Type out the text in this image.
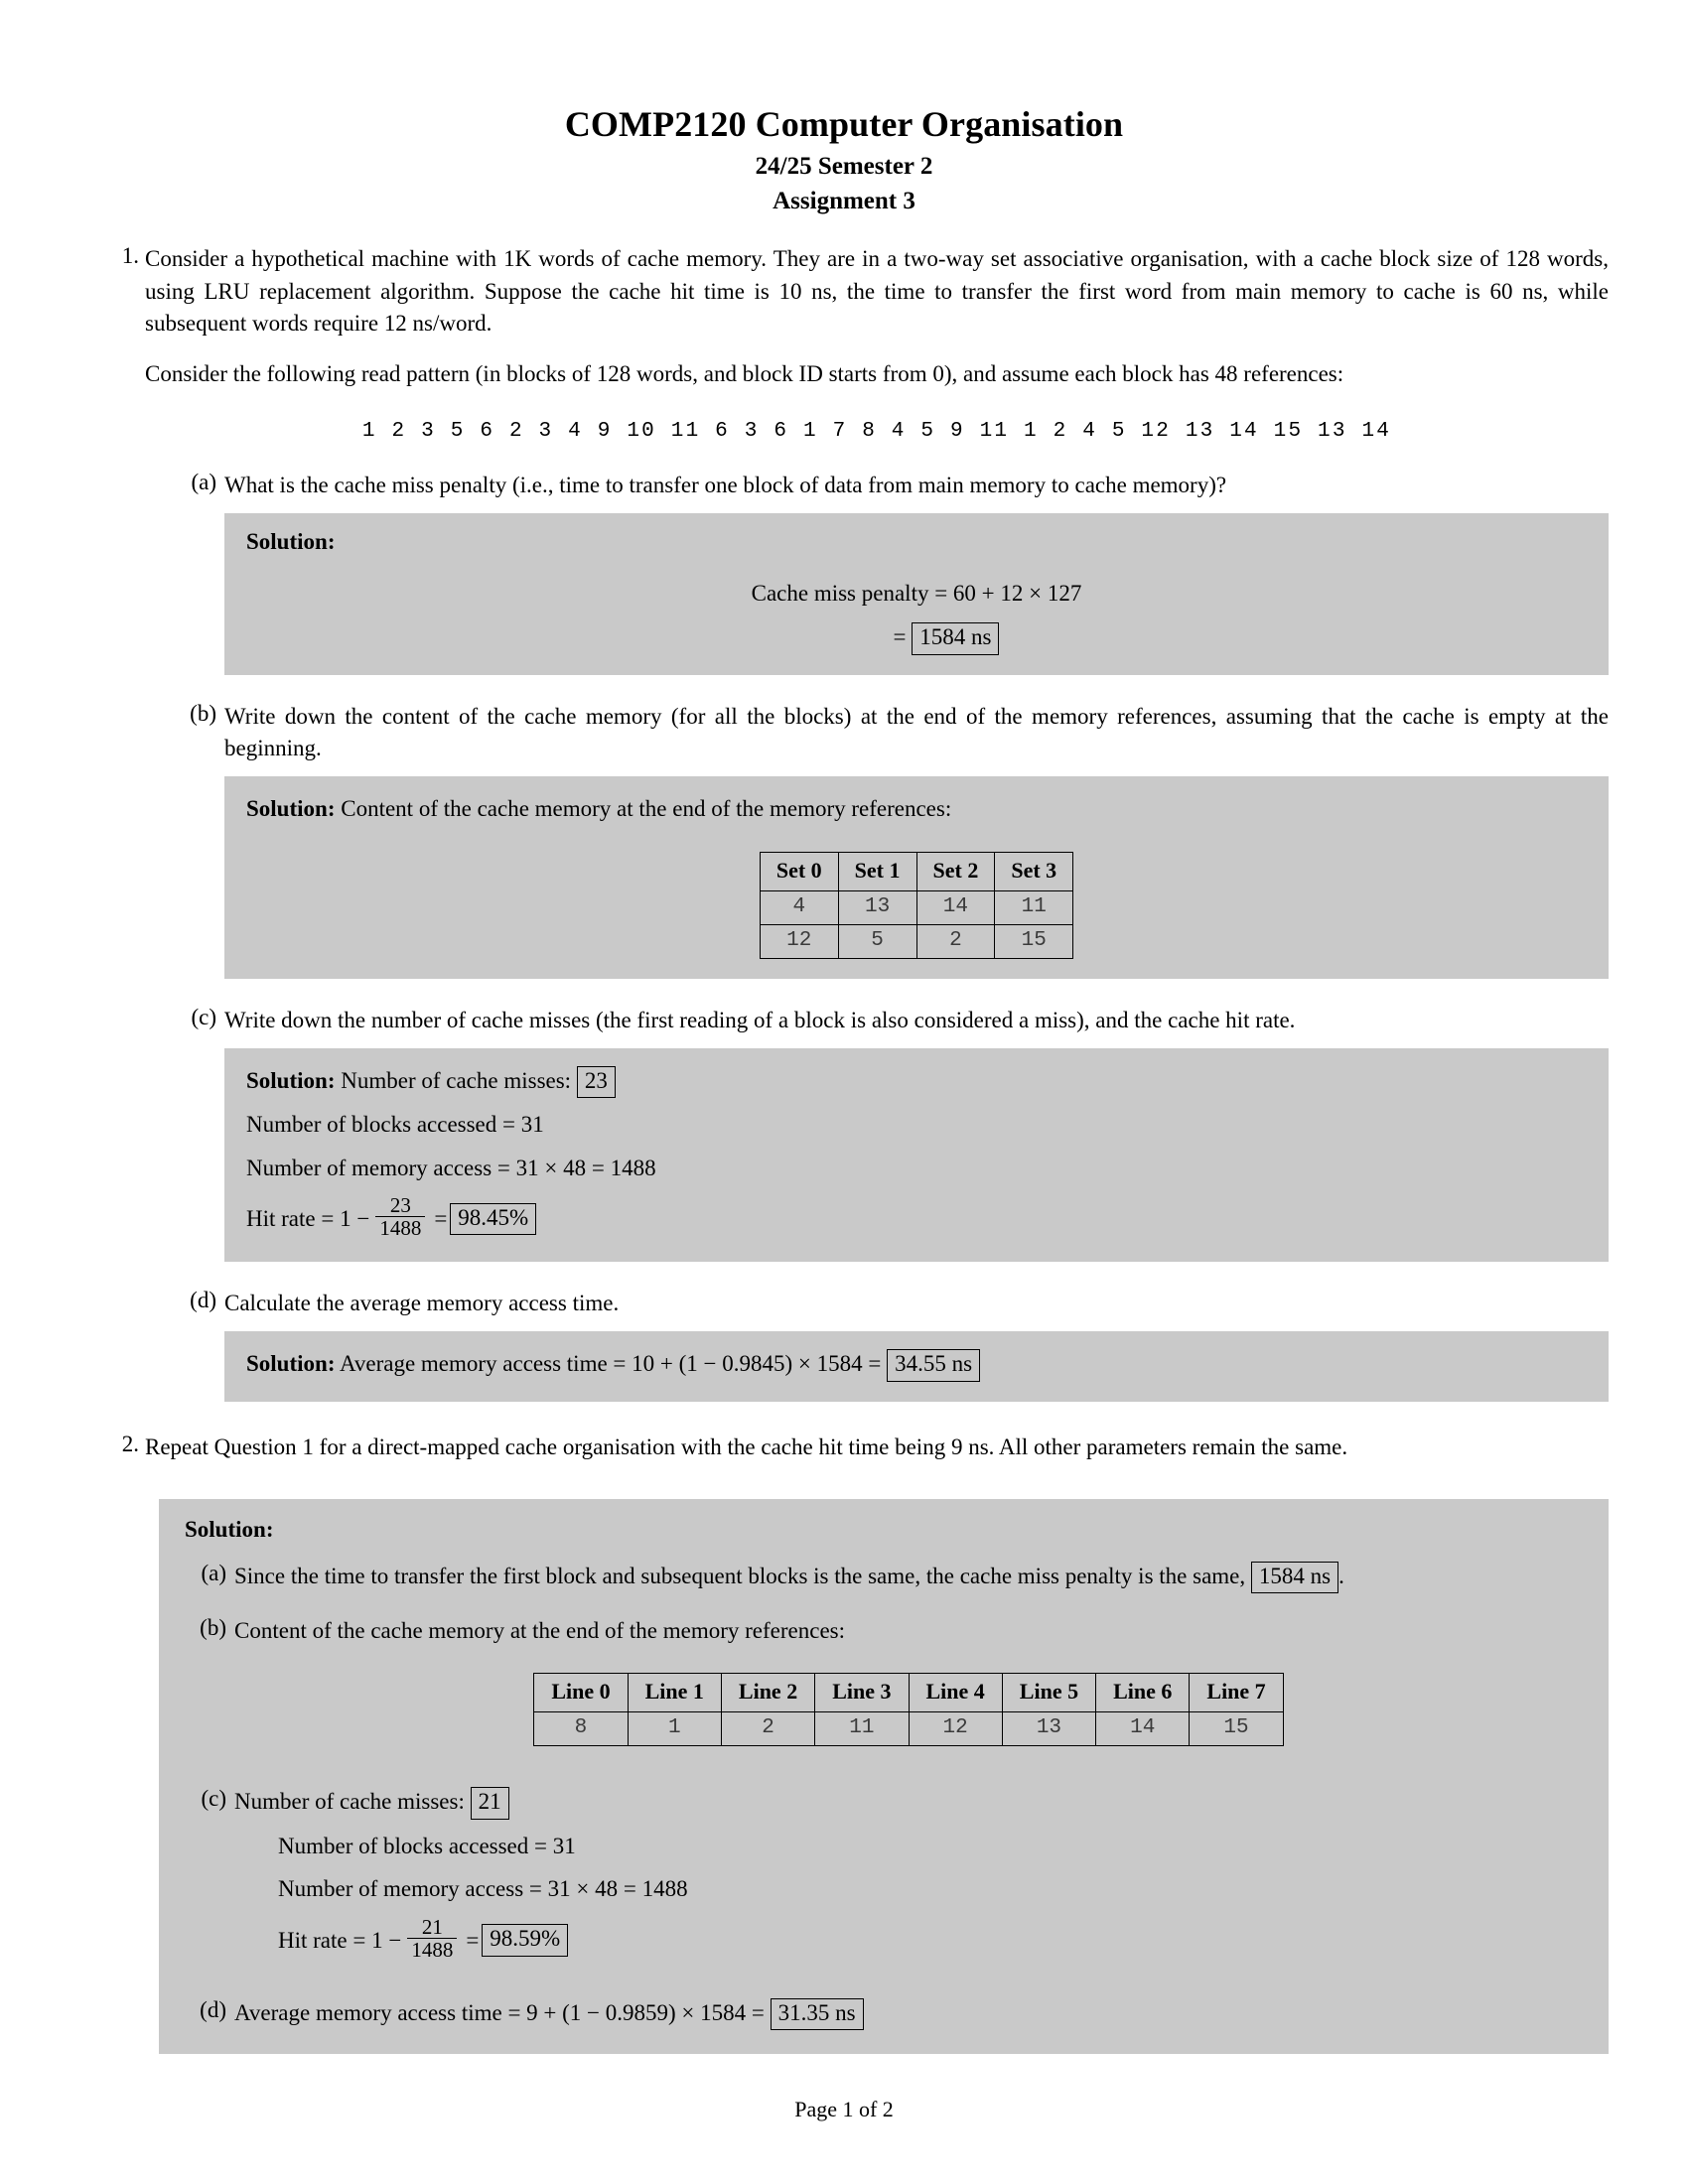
COMP2120 Computer Organisation
24/25 Semester 2
Assignment 3
1. Consider a hypothetical machine with 1K words of cache memory. They are in a two-way set associative organisation, with a cache block size of 128 words, using LRU replacement algorithm. Suppose the cache hit time is 10 ns, the time to transfer the first word from main memory to cache is 60 ns, while subsequent words require 12 ns/word.
Consider the following read pattern (in blocks of 128 words, and block ID starts from 0), and assume each block has 48 references:
1 2 3 5 6 2 3 4 9 10 11 6 3 6 1 7 8 4 5 9 11 1 2 4 5 12 13 14 15 13 14
(a) What is the cache miss penalty (i.e., time to transfer one block of data from main memory to cache memory)?
Solution:
Cache miss penalty = 60 + 12 × 127
= 1584 ns
(b) Write down the content of the cache memory (for all the blocks) at the end of the memory references, assuming that the cache is empty at the beginning.
Solution: Content of the cache memory at the end of the memory references:
Set 0	Set 1	Set 2	Set 3
4	13	14	11
12	5	2	15
(c) Write down the number of cache misses (the first reading of a block is also considered a miss), and the cache hit rate.
Solution: Number of cache misses: 23
Number of blocks accessed = 31
Number of memory access = 31 × 48 = 1488
Hit rate = $1 - \frac{23}{1488} = 98.45\%$
(d) Calculate the average memory access time.
Solution: Average memory access time = 10 + (1 − 0.9845) × 1584 = 34.55 ns
2. Repeat Question 1 for a direct-mapped cache organisation with the cache hit time being 9 ns. All other parameters remain the same.
Solution:
(a) Since the time to transfer the first block and subsequent blocks is the same, the cache miss penalty is the same, 1584 ns .
(b) Content of the cache memory at the end of the memory references:
Line 0	Line 1	Line 2	Line 3	Line 4	Line 5	Line 6	Line 7
8	1	2	11	12	13	14	15
(c) Number of cache misses: 21
Number of blocks accessed = 31
Number of memory access = 31 × 48 = 1488
Hit rate = $1 - \frac{21}{1488} = 98.59\%$
(d) Average memory access time = 9 + (1 − 0.9859) × 1584 = 31.35 ns
Page 1 of 2
